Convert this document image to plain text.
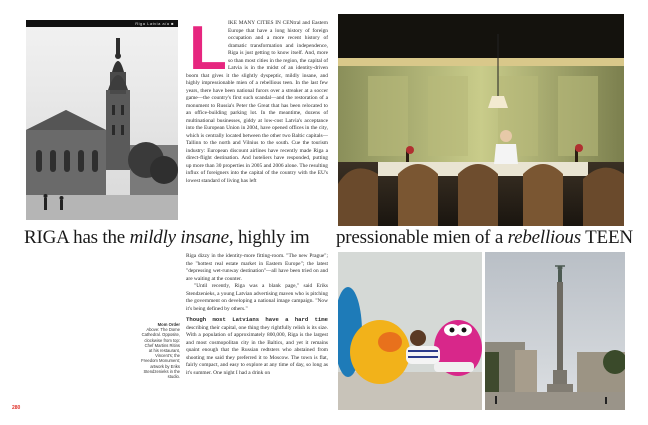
Riga Latvia a/a ■ L IKE MANY CITIES IN CENtral and Eastern Europe that have a long history of foreign occupation and a more recent history of dramatic transformation and independence, Riga is just getting to know itself. And, more so than most cities in the region, the capital of Latvia is in the midst of an identity-driven boom that gives it the slightly dyspeptic, mildly insane, and highly impressionable mien of a rebellious teen. In the last few years, there have been national furors over a streaker at a soccer game—the country's first such scandal—and the restoration of a monument to Russia's Peter the Great that has been relocated to an office-building parking lot. In the meantime, dozens of multinational businesses, giddy at low-cost Latvia's acceptance into the European Union in 2004, have opened offices in the city, which is centrally located between the other two Baltic capitals—Tallinn to the north and Vilnius to the south. Cue the tourism industry: European discount airlines have recently made Riga a direct-flight destination. And hoteliers have responded, putting up more than 30 properties in 2005 and 2006 alone. The resulting influx of foreigners into the capital of the country with the EU's lowest standard of living has left
RIGA has the mildly insane, highly im pressionable mien of a rebellious TEEN
Riga dizzy in the identity-more fitting-room. "The new Prague"; the "hottest real estate market in Eastern Europe"; the latest "depressing wet-runway destination"—all have been tried on and are waiting at the counter.
"Until recently, Riga was a blank page," said Eriks Stendzenieks, a young Latvian advertising maven who is pitching the government on developing a national image campaign. "Now it's being defined by others."
Though most Latvians have a hard time describing their capital, one thing they rightfully relish is its size. With a population of approximately 800,000, Riga is the largest and most cosmopolitan city in the Baltics, and yet it remains quaint enough that the Russian redtsters who abstained from shooting me said they preferred it to Moscow. The town is flat, fairly compact, and easy to explore at any time of day, so long as it's summer. One night I had a drink on
Mom Order
Above: The Dome Cathedral. Opposite, clockwise from top: Chef Martins Ritins at his restaurant, Vincent's; the Freedom Monument; artwork by Eriks Stendzenieks in the studio.
280
